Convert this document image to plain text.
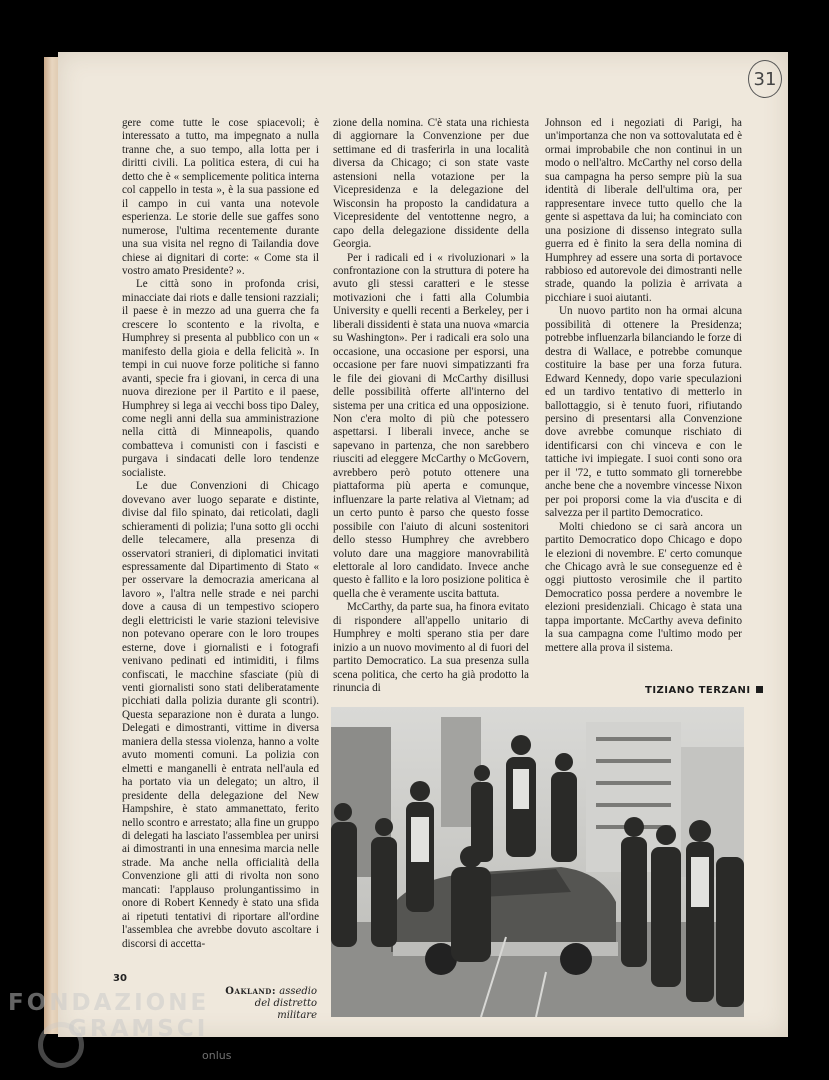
31

gere come tutte le cose spiacevoli; è interessato a tutto, ma impegnato a nulla tranne che, a suo tempo, alla lotta per i diritti civili. La politica estera, di cui ha detto che è « semplicemente politica interna col cappello in testa », è la sua passione ed il campo in cui vanta una notevole esperienza. Le storie delle sue gaffes sono numerose, l'ultima recentemente durante una sua visita nel regno di Tailandia dove chiese ai dignitari di corte: « Come sta il vostro amato Presidente? ».

Le città sono in profonda crisi, minacciate dai riots e dalle tensioni razziali; il paese è in mezzo ad una guerra che fa crescere lo scontento e la rivolta, e Humphrey si presenta al pubblico con un « manifesto della gioia e della felicità ». In tempi in cui nuove forze politiche si fanno avanti, specie fra i giovani, in cerca di una nuova direzione per il Partito e il paese, Humphrey si lega ai vecchi boss tipo Daley, come negli anni della sua amministrazione nella città di Minneapolis, quando combatteva i comunisti con i fascisti e purgava i sindacati delle loro tendenze socialiste.

Le due Convenzioni di Chicago dovevano aver luogo separate e distinte, divise dal filo spinato, dai reticolati, dagli schieramenti di polizia; l'una sotto gli occhi delle telecamere, alla presenza di osservatori stranieri, di diplomatici invitati espressamente dal Dipartimento di Stato « per osservare la democrazia americana al lavoro », l'altra nelle strade e nei parchi dove a causa di un tempestivo sciopero degli elettricisti le varie stazioni televisive non potevano operare con le loro troupes esterne, dove i giornalisti e i fotografi venivano pedinati ed intimiditi, i films confiscati, le macchine sfasciate (più di venti giornalisti sono stati deliberatamente picchiati dalla polizia durante gli scontri). Questa separazione non è durata a lungo. Delegati e dimostranti, vittime in diversa maniera della stessa violenza, hanno a volte avuto momenti comuni. La polizia con elmetti e manganelli è entrata nell'aula ed ha portato via un delegato; un altro, il presidente della delegazione del New Hampshire, è stato ammanettato, ferito nello scontro e arrestato; alla fine un gruppo di delegati ha lasciato l'assemblea per unirsi ai dimostranti in una ennesima marcia nelle strade. Ma anche nella officialità della Convenzione gli atti di rivolta non sono mancati: l'applauso prolungantissimo in onore di Robert Kennedy è stato una sfida ai ripetuti tentativi di riportare all'ordine l'assemblea che avrebbe dovuto ascoltare i discorsi di accetta-

zione della nomina. C'è stata una richiesta di aggiornare la Convenzione per due settimane ed di trasferirla in una località diversa da Chicago; ci son state vaste astensioni nella votazione per la Vicepresidenza e la delegazione del Wisconsin ha proposto la candidatura a Vicepresidente del ventottenne negro, a capo della delegazione dissidente della Georgia.

Per i radicali ed i « rivoluzionari » la confrontazione con la struttura di potere ha avuto gli stessi caratteri e le stesse motivazioni che i fatti alla Columbia University e quelli recenti a Berkeley, per i liberali dissidenti è stata una nuova «marcia su Washington». Per i radicali era solo una occasione, una occasione per esporsi, una occasione per fare nuovi simpatizzanti fra le file dei giovani di McCarthy disillusi delle possibilità offerte all'interno del sistema per una critica ed una opposizione. Non c'era molto di più che potessero aspettarsi. I liberali invece, anche se sapevano in partenza, che non sarebbero riusciti ad eleggere McCarthy o McGovern, avrebbero però potuto ottenere una piattaforma più aperta e comunque, influenzare la parte relativa al Vietnam; ad un certo punto è parso che questo fosse possibile con l'aiuto di alcuni sostenitori dello stesso Humphrey che avrebbero voluto dare una maggiore manovrabilità elettorale al loro candidato. Invece anche questo è fallito e la loro posizione politica è quella che è veramente uscita battuta.

McCarthy, da parte sua, ha finora evitato di rispondere all'appello unitario di Humphrey e molti sperano stia per dare inizio a un nuovo movimento al di fuori del partito Democratico. La sua presenza sulla scena politica, che certo ha già prodotto la rinuncia di

Johnson ed i negoziati di Parigi, ha un'importanza che non va sottovalutata ed è ormai improbabile che non continui in un modo o nell'altro. McCarthy nel corso della sua campagna ha perso sempre più la sua identità di liberale dell'ultima ora, per rappresentare invece tutto quello che la gente si aspettava da lui; ha cominciato con una posizione di dissenso integrato sulla guerra ed è finito la sera della nomina di Humphrey ad essere una sorta di portavoce rabbioso ed autorevole dei dimostranti nelle strade, quando la polizia è arrivata a picchiare i suoi aiutanti.

Un nuovo partito non ha ormai alcuna possibilità di ottenere la Presidenza; potrebbe influenzarla bilanciando le forze di destra di Wallace, e potrebbe comunque costituire la base per una forza futura. Edward Kennedy, dopo varie speculazioni ed un tardivo tentativo di metterlo in ballottaggio, si è tenuto fuori, rifiutando persino di presentarsi alla Convenzione dove avrebbe comunque rischiato di identificarsi con chi vinceva e con le tattiche ivi impiegate. I suoi conti sono ora per il '72, e tutto sommato gli tornerebbe anche bene che a novembre vincesse Nixon per poi proporsi come la via d'uscita e di salvezza per il partito Democratico.

Molti chiedono se ci sarà ancora un partito Democratico dopo Chicago e dopo le elezioni di novembre. E' certo comunque che Chicago avrà le sue conseguenze ed è oggi piuttosto verosimile che il partito Democratico possa perdere a novembre le elezioni presidenziali. Chicago è stata una tappa importante. McCarthy aveva definito la sua campagna come l'ultimo modo per mettere alla prova il sistema.

TIZIANO TERZANI
30
Oakland: assedio del distretto militare
FONDAZIONE
GRAMSCI
onlus
